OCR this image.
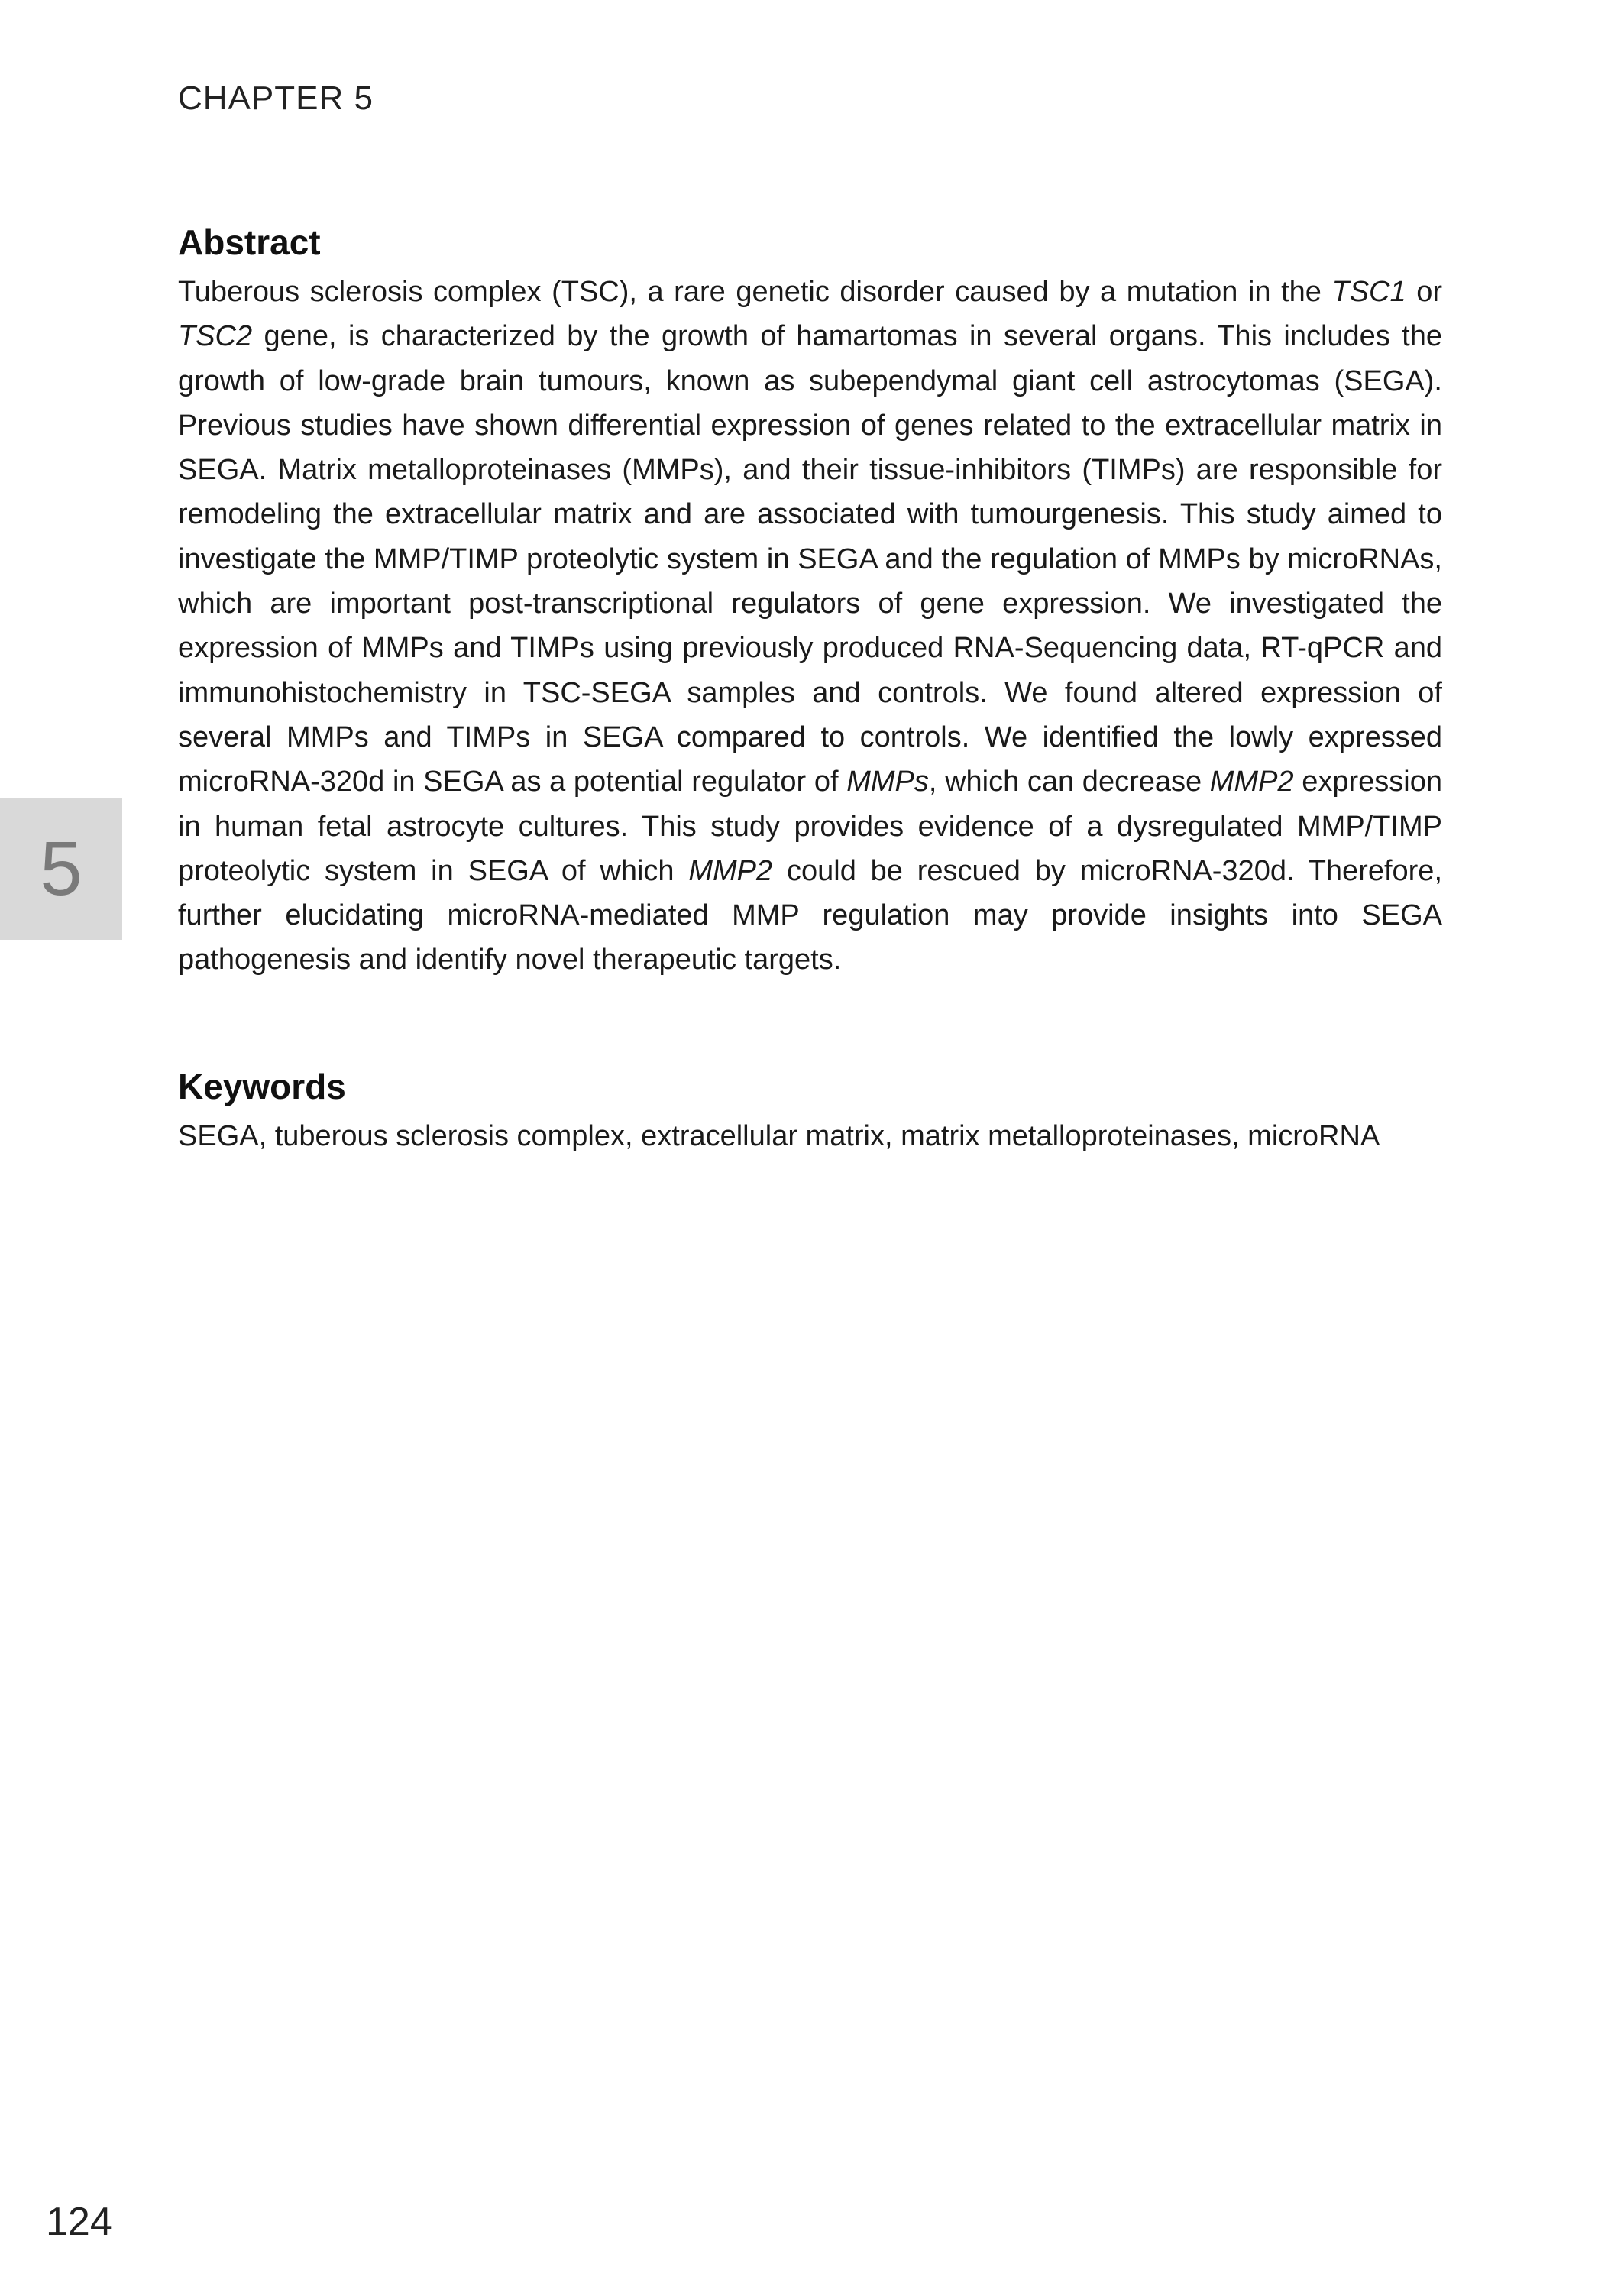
CHAPTER 5
Abstract

Tuberous sclerosis complex (TSC), a rare genetic disorder caused by a mutation in the TSC1 or TSC2 gene, is characterized by the growth of hamartomas in several organs. This includes the growth of low-grade brain tumours, known as subependymal giant cell astrocytomas (SEGA). Previous studies have shown differential expression of genes related to the extracellular matrix in SEGA. Matrix metalloproteinases (MMPs), and their tissue-inhibitors (TIMPs) are responsible for remodeling the extracellular matrix and are associated with tumourgenesis. This study aimed to investigate the MMP/TIMP proteolytic system in SEGA and the regulation of MMPs by microRNAs, which are important post-transcriptional regulators of gene expression. We investigated the expression of MMPs and TIMPs using previously produced RNA-Sequencing data, RT-qPCR and immunohistochemistry in TSC-SEGA samples and controls. We found altered expression of several MMPs and TIMPs in SEGA compared to controls. We identified the lowly expressed microRNA-320d in SEGA as a potential regulator of MMPs, which can decrease MMP2 expression in human fetal astrocyte cultures. This study provides evidence of a dysregulated MMP/TIMP proteolytic system in SEGA of which MMP2 could be rescued by microRNA-320d. Therefore, further elucidating microRNA-mediated MMP regulation may provide insights into SEGA pathogenesis and identify novel therapeutic targets.

Keywords
SEGA, tuberous sclerosis complex, extracellular matrix, matrix metalloproteinases, microRNA
5
124
